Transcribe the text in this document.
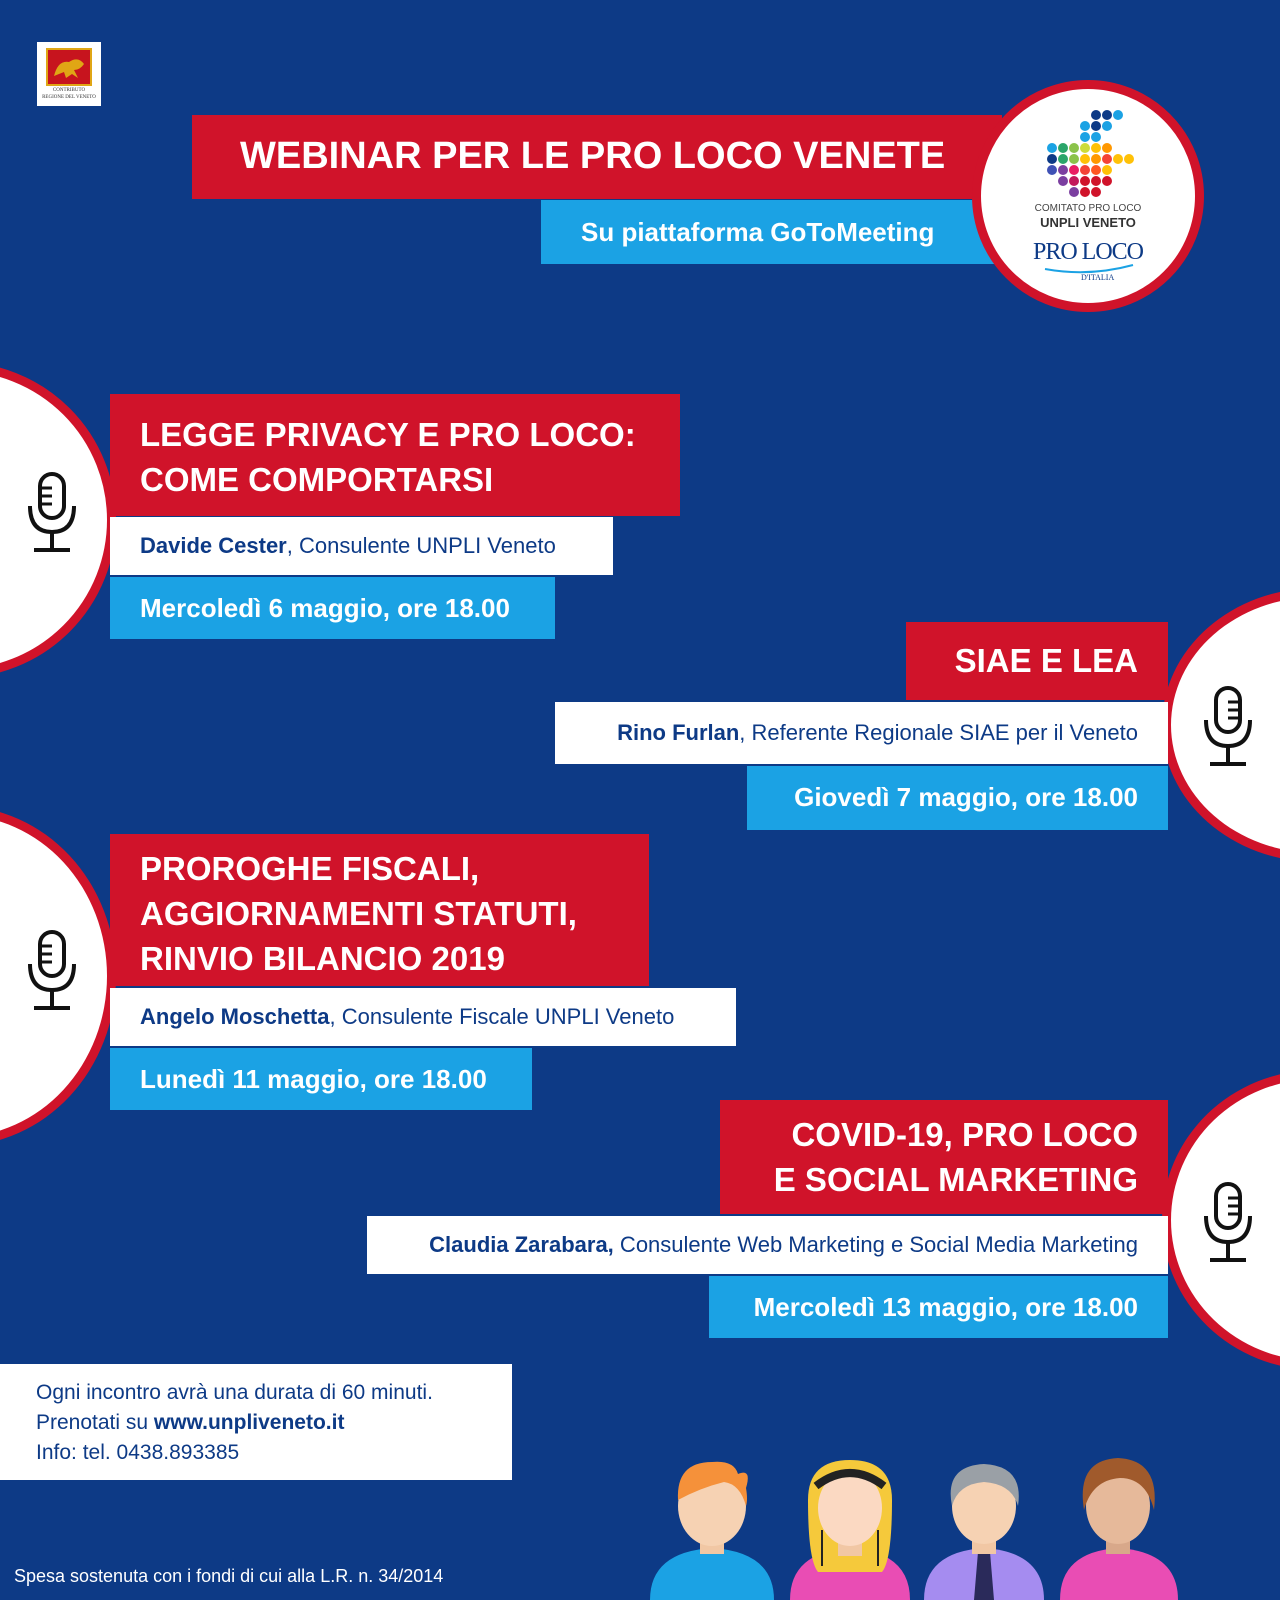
CONTRIBUTO
REGIONE DEL VENETO
WEBINAR PER LE PRO LOCO VENETE
Su piattaforma GoToMeeting
COMITATO PRO LOCO
UNPLI VENETO
PRO LOCO
D'ITALIA
LEGGE PRIVACY E PRO LOCO:
COME COMPORTARSI
Davide Cester, Consulente UNPLI Veneto
Mercoledì 6 maggio, ore 18.00
SIAE E LEA
Rino Furlan, Referente Regionale SIAE per il Veneto
Giovedì 7 maggio, ore 18.00
PROROGHE FISCALI,
AGGIORNAMENTI STATUTI,
RINVIO BILANCIO 2019
Angelo Moschetta, Consulente Fiscale UNPLI Veneto
Lunedì 11 maggio, ore 18.00
COVID-19, PRO LOCO
E SOCIAL MARKETING
Claudia Zarabara, Consulente Web Marketing e Social Media Marketing
Mercoledì 13 maggio, ore 18.00
Ogni incontro avrà una durata di 60 minuti.
Prenotati su www.unpliveneto.it
Info: tel. 0438.893385
Spesa sostenuta con i fondi di cui alla L.R. n. 34/2014
